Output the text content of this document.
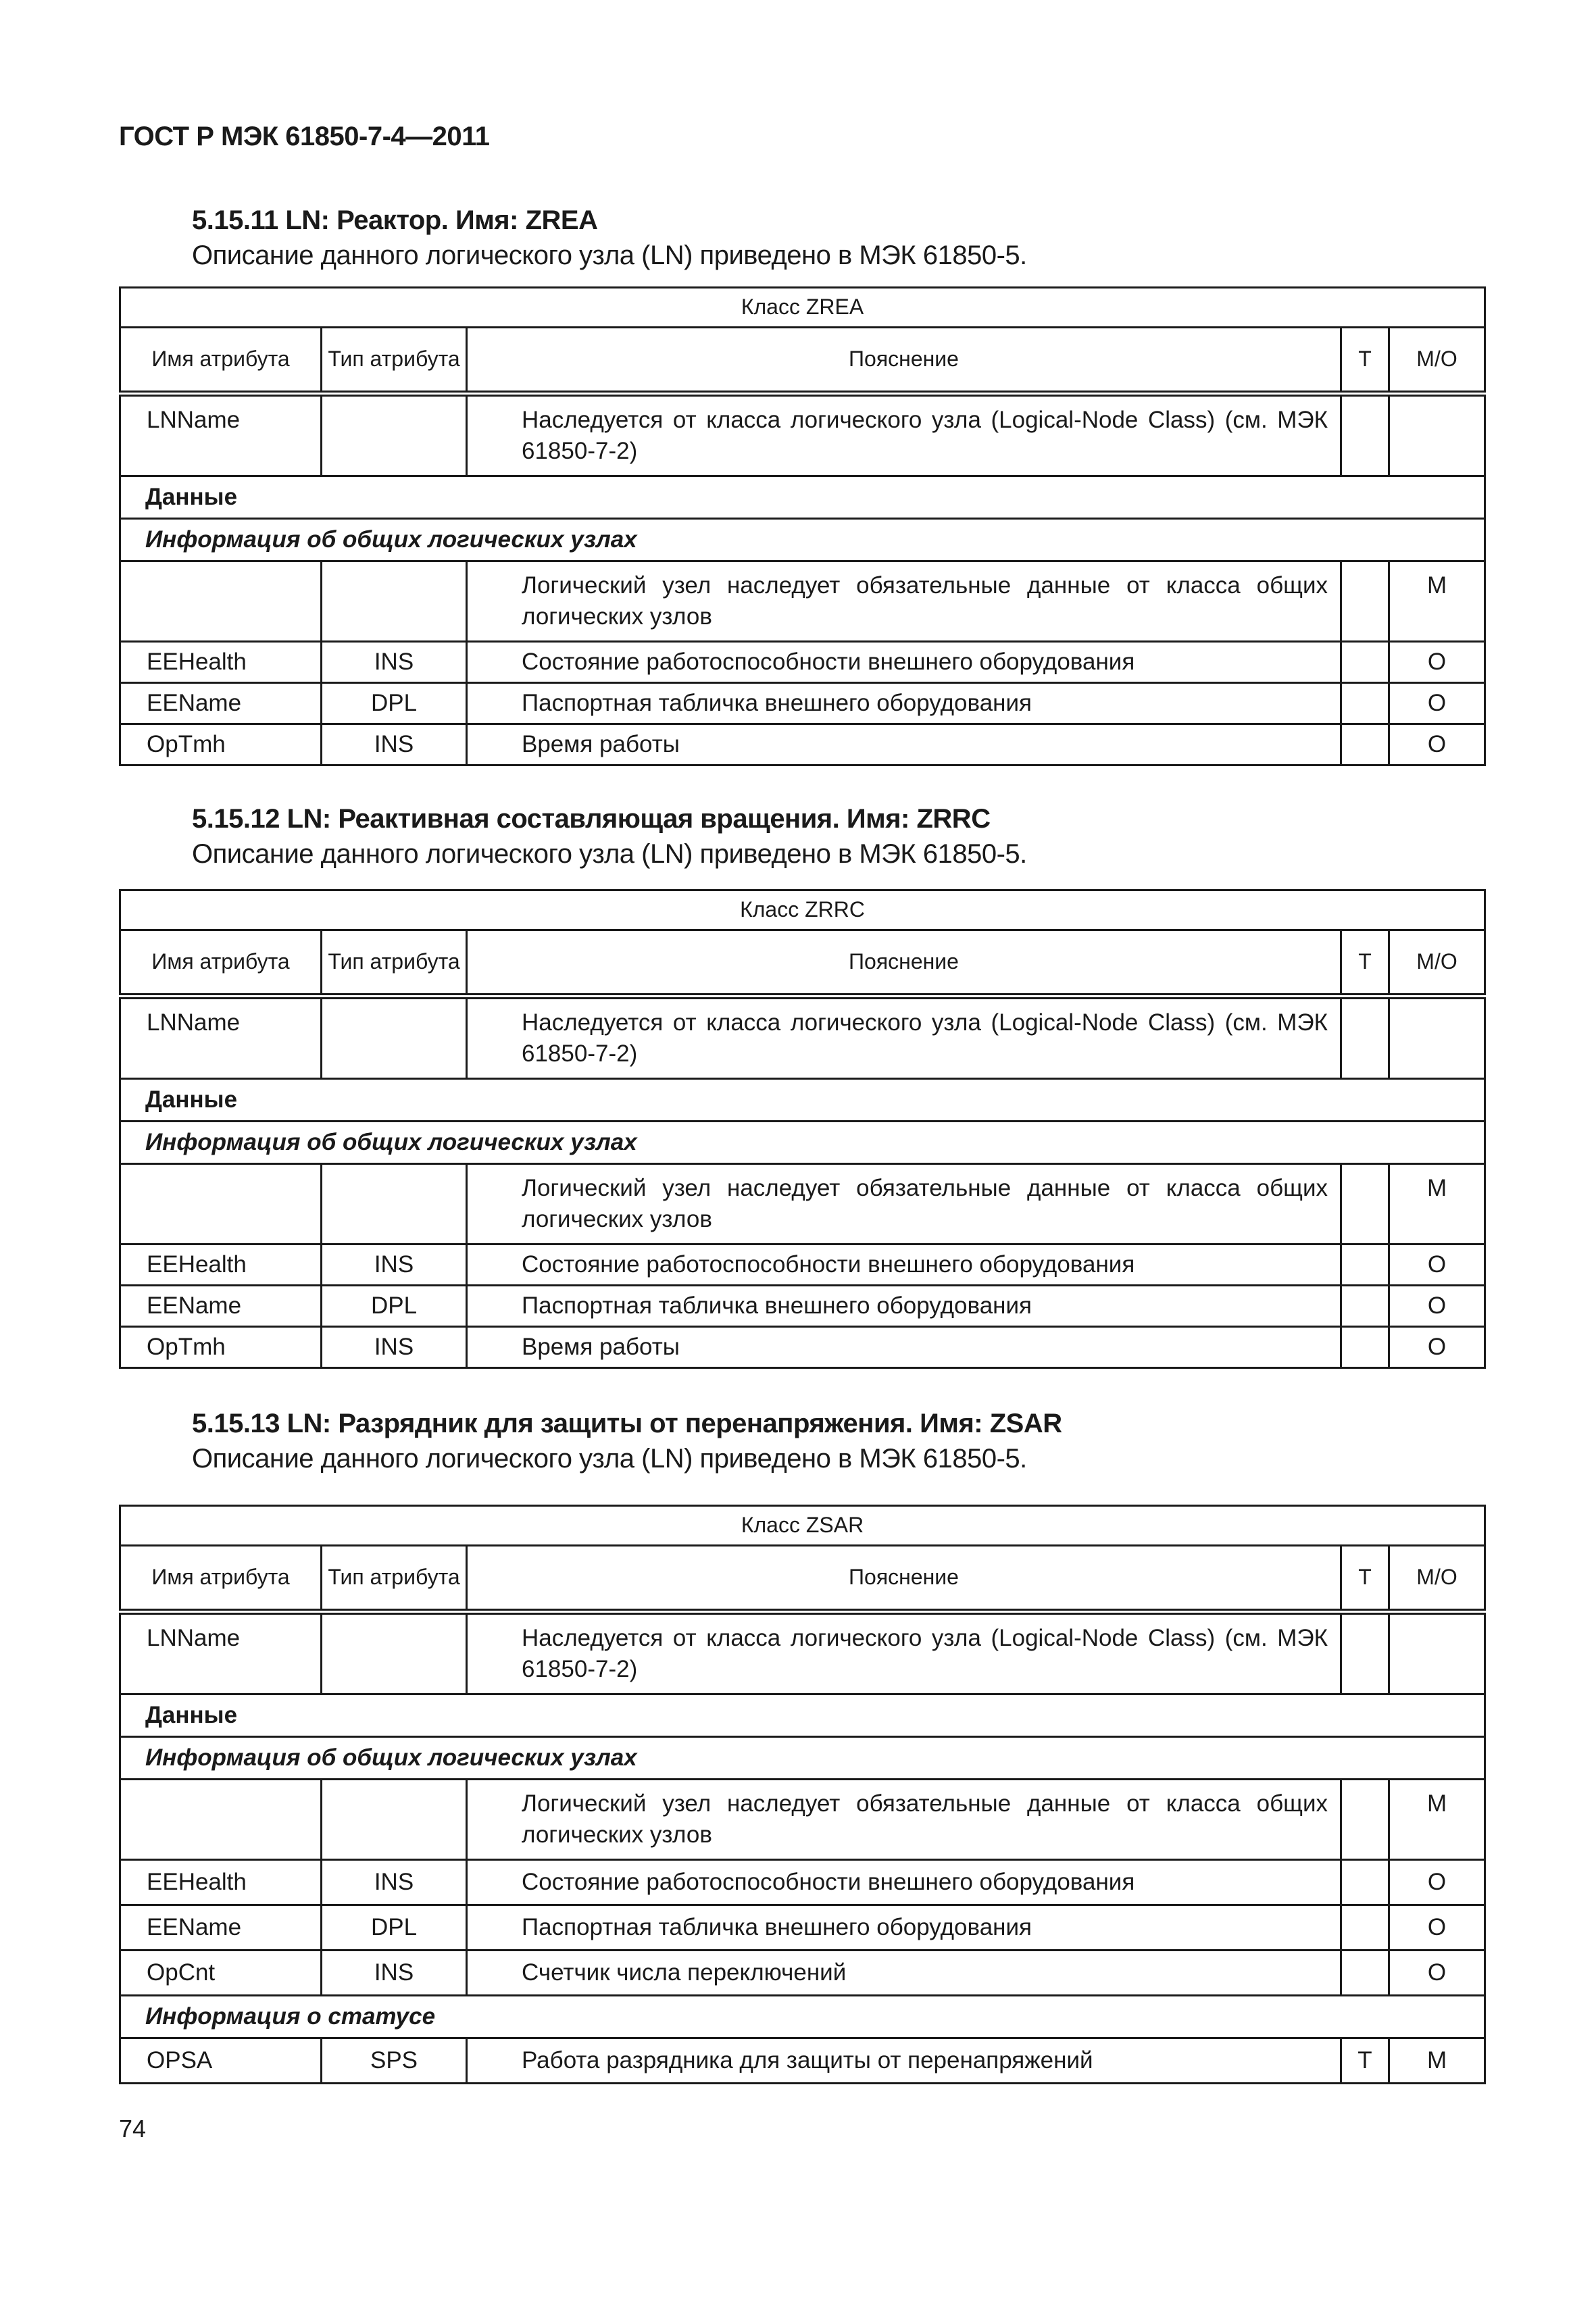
ГОСТ Р МЭК 61850-7-4—2011
5.15.11 LN: Реактор. Имя: ZREA
Описание данного логического узла (LN) приведено в МЭК 61850-5.
Класс ZREA				
Имя атрибута	Тип атрибута	Пояснение	Т	М/О
LNName		Наследуется от класса логического узла (Logical-Node Class) (см. МЭК 61850-7-2)		
Данные				
Информация об общих логических узлах				
		Логический узел наследует обязательные данные от класса общих логических узлов		M
EEHealth	INS	Состояние работоспособности внешнего оборудования		O
EEName	DPL	Паспортная табличка внешнего оборудования		O
OpTmh	INS	Время работы		O
5.15.12 LN: Реактивная составляющая вращения. Имя: ZRRC
Описание данного логического узла (LN) приведено в МЭК 61850-5.
Класс ZRRC				
Имя атрибута	Тип атрибута	Пояснение	Т	М/О
LNName		Наследуется от класса логического узла (Logical-Node Class) (см. МЭК 61850-7-2)		
Данные				
Информация об общих логических узлах				
		Логический узел наследует обязательные данные от класса общих логических узлов		M
EEHealth	INS	Состояние работоспособности внешнего оборудования		O
EEName	DPL	Паспортная табличка внешнего оборудования		O
OpTmh	INS	Время работы		O
5.15.13 LN: Разрядник для защиты от перенапряжения. Имя: ZSAR
Описание данного логического узла (LN) приведено в МЭК 61850-5.
Класс ZSAR				
Имя атрибута	Тип атрибута	Пояснение	Т	М/О
LNName		Наследуется от класса логического узла (Logical-Node Class) (см. МЭК 61850-7-2)		
Данные				
Информация об общих логических узлах				
		Логический узел наследует обязательные данные от класса общих логических узлов		M
EEHealth	INS	Состояние работоспособности внешнего оборудования		O
EEName	DPL	Паспортная табличка внешнего оборудования		O
OpCnt	INS	Счетчик числа переключений		O
Информация о статусе				
OPSA	SPS	Работа разрядника для защиты от перенапряжений	T	M
74
